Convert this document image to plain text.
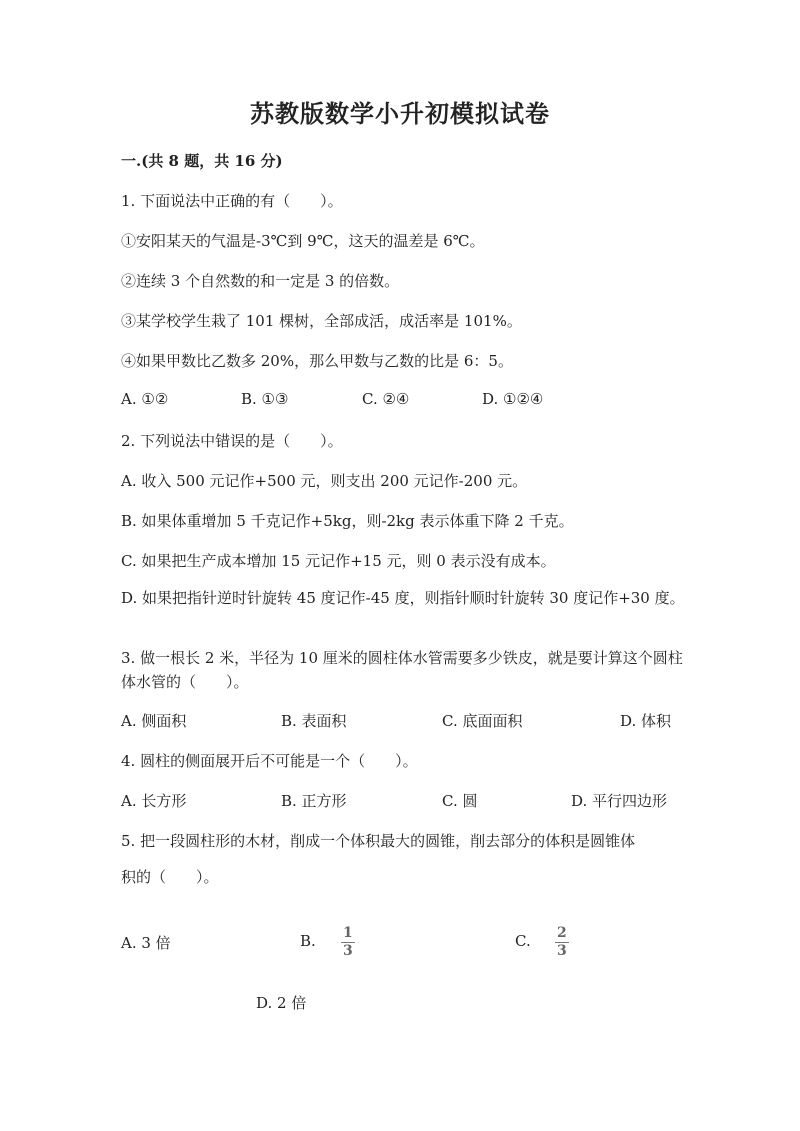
苏教版数学小升初模拟试卷
一.(共 8 题，共 16 分)
1. 下面说法中正确的有（　　）。
①安阳某天的气温是-3℃到 9℃，这天的温差是 6℃。
②连续 3 个自然数的和一定是 3 的倍数。
③某学校学生栽了 101 棵树，全部成活，成活率是 101%。
④如果甲数比乙数多 20%，那么甲数与乙数的比是 6：5。
A. ①②	B. ①③	C. ②④	D. ①②④
2. 下列说法中错误的是（　　）。
A. 收入 500 元记作+500 元，则支出 200 元记作-200 元。
B. 如果体重增加 5 千克记作+5kg，则-2kg 表示体重下降 2 千克。
C. 如果把生产成本增加 15 元记作+15 元，则 0 表示没有成本。
D. 如果把指针逆时针旋转 45 度记作-45 度，则指针顺时针旋转 30 度记作+30 度。
3. 做一根长 2 米，半径为 10 厘米的圆柱体水管需要多少铁皮，就是要计算这个圆柱体水管的（　　）。
A. 侧面积	B. 表面积	C. 底面面积	D. 体积
4. 圆柱的侧面展开后不可能是一个（　　）。
A. 长方形	B. 正方形	C. 圆	D. 平行四边形
5. 把一段圆柱形的木材，削成一个体积最大的圆锥，削去部分的体积是圆锥体
积的（　　）。
A. 3 倍	B. 1
3
C. 2
3
D. 2 倍
